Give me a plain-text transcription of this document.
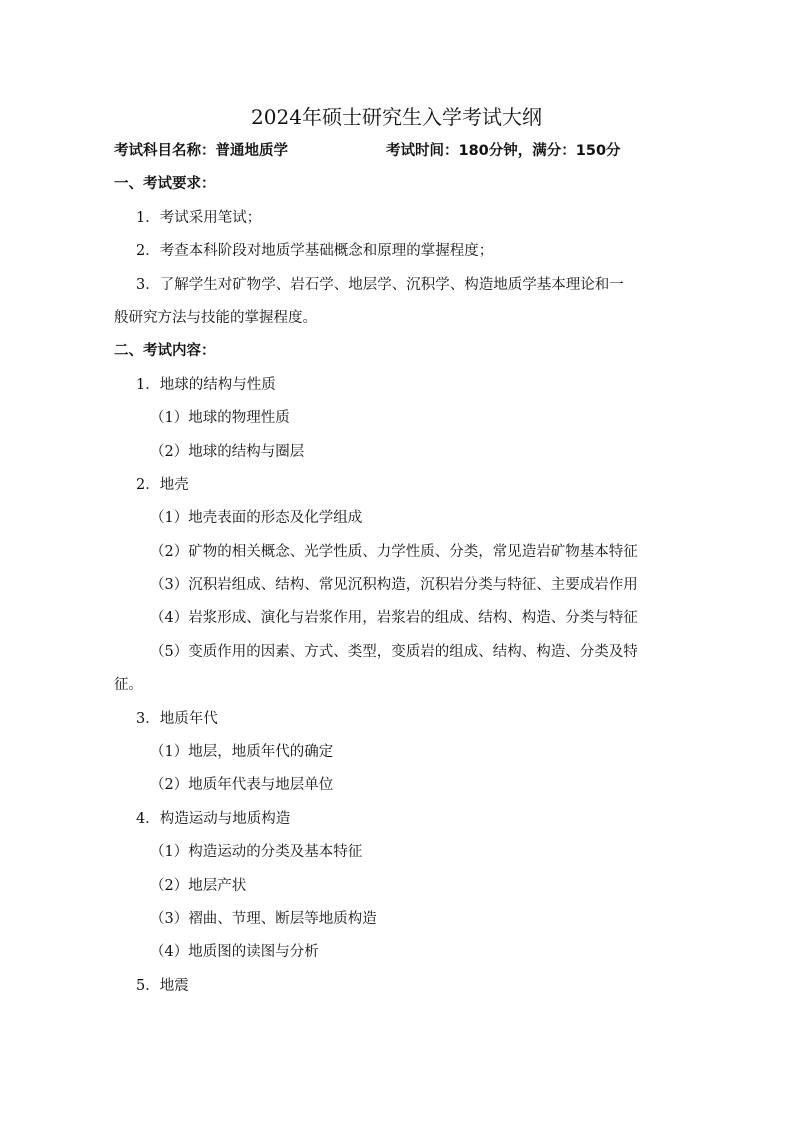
2024年硕士研究生入学考试大纲
考试科目名称：普通地质学	考试时间：180分钟，满分：150分
一、考试要求：
1．考试采用笔试；
2．考查本科阶段对地质学基础概念和原理的掌握程度；
3．了解学生对矿物学、岩石学、地层学、沉积学、构造地质学基本理论和一
般研究方法与技能的掌握程度。
二、考试内容：
1．地球的结构与性质
（1）地球的物理性质
（2）地球的结构与圈层
2．地壳
（1）地壳表面的形态及化学组成
（2）矿物的相关概念、光学性质、力学性质、分类，常见造岩矿物基本特征
（3）沉积岩组成、结构、常见沉积构造，沉积岩分类与特征、主要成岩作用
（4）岩浆形成、演化与岩浆作用，岩浆岩的组成、结构、构造、分类与特征
（5）变质作用的因素、方式、类型，变质岩的组成、结构、构造、分类及特
征。
3．地质年代
（1）地层，地质年代的确定
（2）地质年代表与地层单位
4．构造运动与地质构造
（1）构造运动的分类及基本特征
（2）地层产状
（3）褶曲、节理、断层等地质构造
（4）地质图的读图与分析
5．地震
